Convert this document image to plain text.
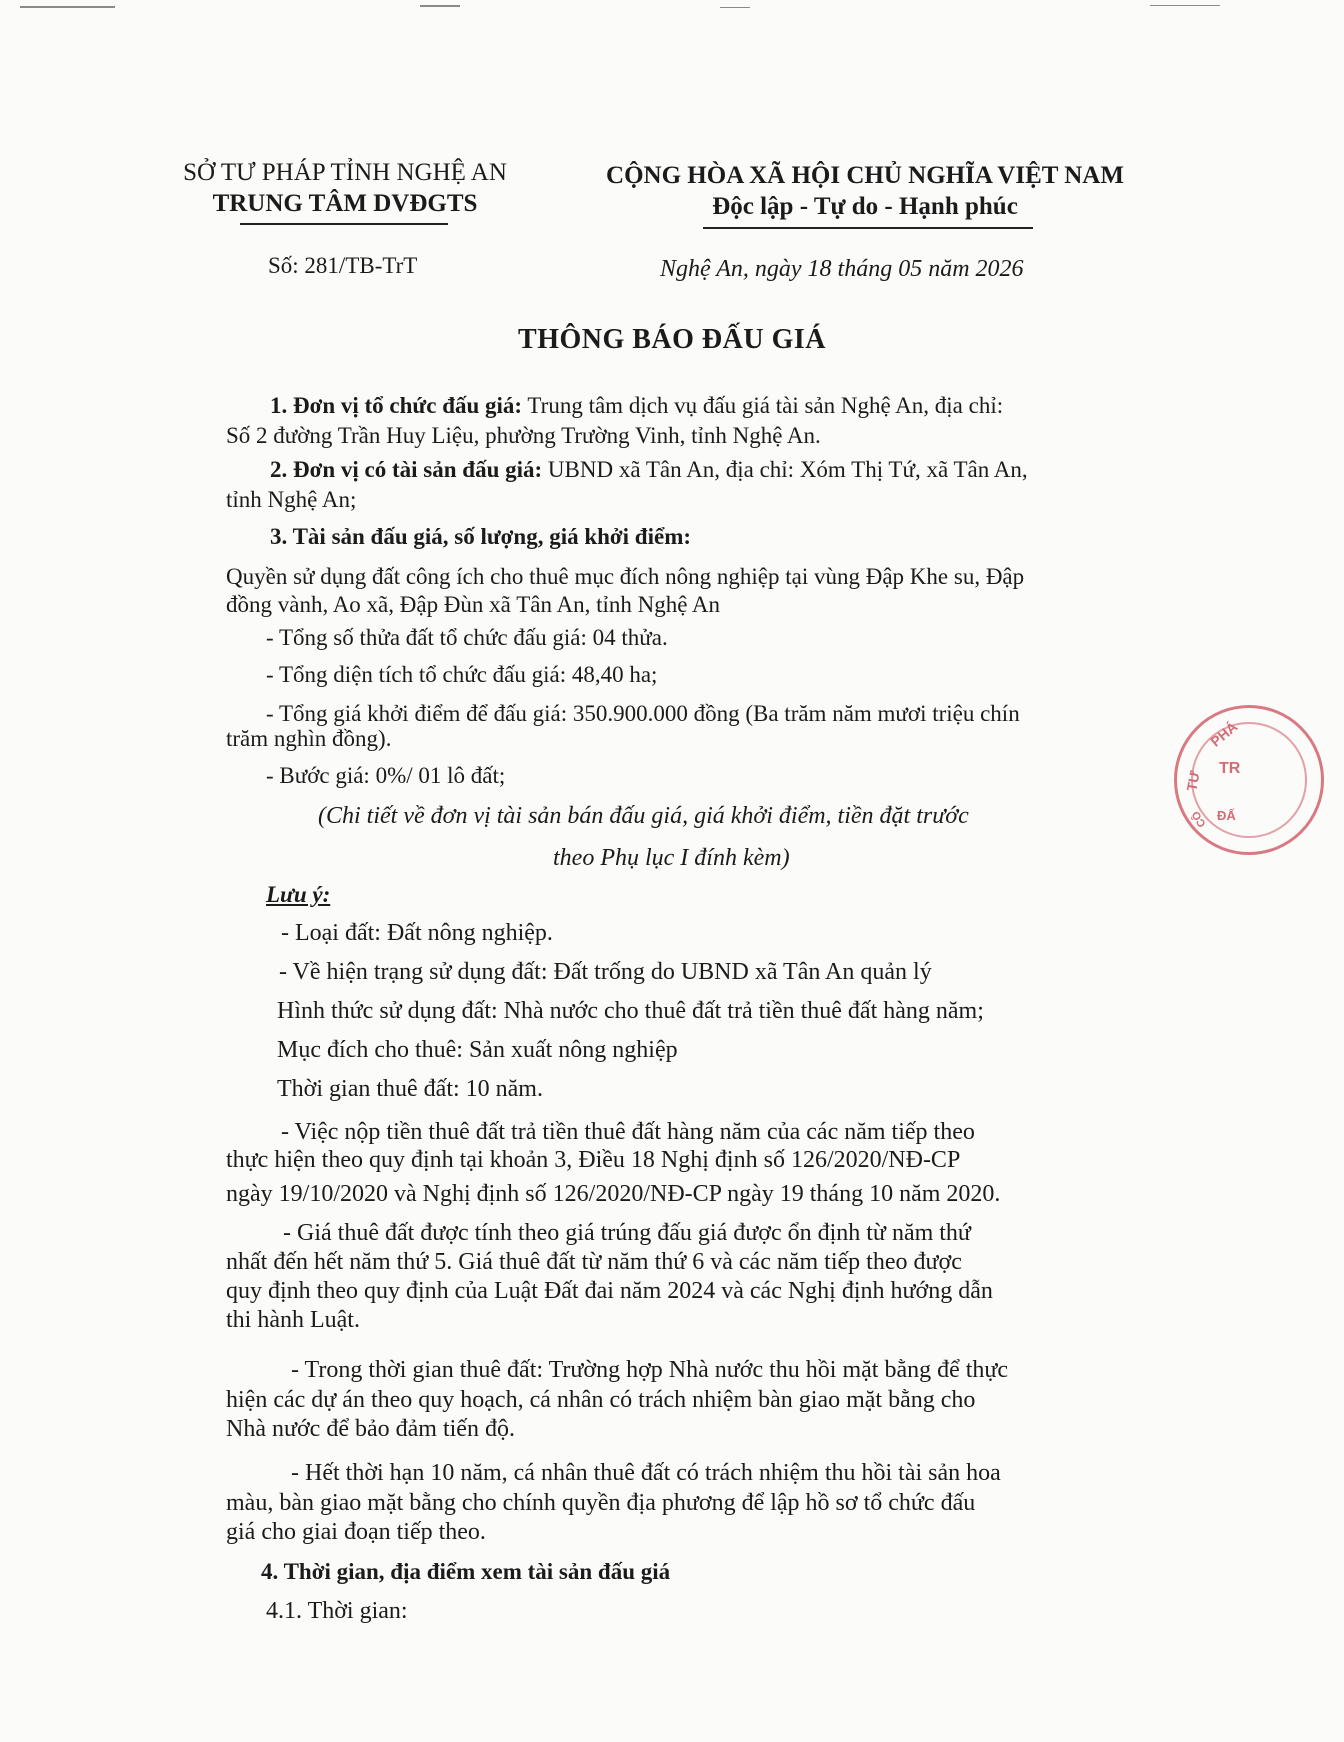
SỞ TƯ PHÁP TỈNH NGHỆ AN
TRUNG TÂM DVĐGTS
CỘNG HÒA XÃ HỘI CHỦ NGHĨA VIỆT NAM
Độc lập - Tự do - Hạnh phúc
Số: 281/TB-TrT	Nghệ An, ngày 18 tháng 05 năm 2026
THÔNG BÁO ĐẤU GIÁ
1. Đơn vị tổ chức đấu giá: Trung tâm dịch vụ đấu giá tài sản Nghệ An, địa chỉ:
Số 2 đường Trần Huy Liệu, phường Trường Vinh, tỉnh Nghệ An.
2. Đơn vị có tài sản đấu giá: UBND xã Tân An, địa chỉ: Xóm Thị Tứ, xã Tân An,
tỉnh Nghệ An;
3. Tài sản đấu giá, số lượng, giá khởi điểm:
Quyền sử dụng đất công ích cho thuê mục đích nông nghiệp tại vùng Đập Khe su, Đập
đồng vành, Ao xã, Đập Đùn xã Tân An, tỉnh Nghệ An
- Tổng số thửa đất tổ chức đấu giá: 04 thửa.
- Tổng diện tích tổ chức đấu giá: 48,40 ha;
- Tổng giá khởi điểm để đấu giá: 350.900.000 đồng (Ba trăm năm mươi triệu chín
trăm nghìn đồng).
- Bước giá: 0%/ 01 lô đất;
(Chi tiết về đơn vị tài sản bán đấu giá, giá khởi điểm, tiền đặt trước
theo Phụ lục I đính kèm)
Lưu ý:
- Loại đất: Đất nông nghiệp.
- Về hiện trạng sử dụng đất: Đất trống do UBND xã Tân An quản lý
Hình thức sử dụng đất: Nhà nước cho thuê đất trả tiền thuê đất hàng năm;
Mục đích cho thuê: Sản xuất nông nghiệp
Thời gian thuê đất: 10 năm.
- Việc nộp tiền thuê đất trả tiền thuê đất hàng năm của các năm tiếp theo
thực hiện theo quy định tại khoản 3, Điều 18 Nghị định số 126/2020/NĐ-CP
ngày 19/10/2020 và Nghị định số 126/2020/NĐ-CP ngày 19 tháng 10 năm 2020.
- Giá thuê đất được tính theo giá trúng đấu giá được ổn định từ năm thứ
nhất đến hết năm thứ 5. Giá thuê đất từ năm thứ 6 và các năm tiếp theo được
quy định theo quy định của Luật Đất đai năm 2024 và các Nghị định hướng dẫn
thi hành Luật.
- Trong thời gian thuê đất: Trường hợp Nhà nước thu hồi mặt bằng để thực
hiện các dự án theo quy hoạch, cá nhân có trách nhiệm bàn giao mặt bằng cho
Nhà nước để bảo đảm tiến độ.
- Hết thời hạn 10 năm, cá nhân thuê đất có trách nhiệm thu hồi tài sản hoa
màu, bàn giao mặt bằng cho chính quyền địa phương để lập hồ sơ tổ chức đấu
giá cho giai đoạn tiếp theo.
4. Thời gian, địa điểm xem tài sản đấu giá
4.1. Thời gian:
PHÁ
TƯ
TR
ĐẤ
CÔ
